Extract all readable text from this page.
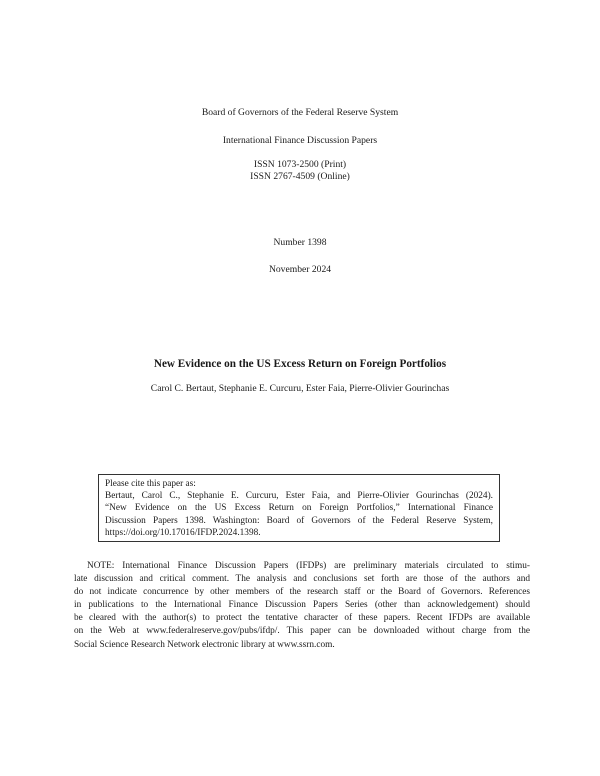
Board of Governors of the Federal Reserve System
International Finance Discussion Papers
ISSN 1073-2500 (Print)
ISSN 2767-4509 (Online)
Number 1398
November 2024
New Evidence on the US Excess Return on Foreign Portfolios
Carol C. Bertaut, Stephanie E. Curcuru, Ester Faia, Pierre-Olivier Gourinchas
Please cite this paper as:
Bertaut, Carol C., Stephanie E. Curcuru, Ester Faia, and Pierre-Olivier Gourinchas (2024).
“New Evidence on the US Excess Return on Foreign Portfolios,” International Finance
Discussion Papers 1398. Washington: Board of Governors of the Federal Reserve System,
https://doi.org/10.17016/IFDP.2024.1398.
NOTE: International Finance Discussion Papers (IFDPs) are preliminary materials circulated to stimu-
late discussion and critical comment. The analysis and conclusions set forth are those of the authors and
do not indicate concurrence by other members of the research staff or the Board of Governors. References
in publications to the International Finance Discussion Papers Series (other than acknowledgement) should
be cleared with the author(s) to protect the tentative character of these papers. Recent IFDPs are available
on the Web at www.federalreserve.gov/pubs/ifdp/. This paper can be downloaded without charge from the
Social Science Research Network electronic library at www.ssrn.com.
